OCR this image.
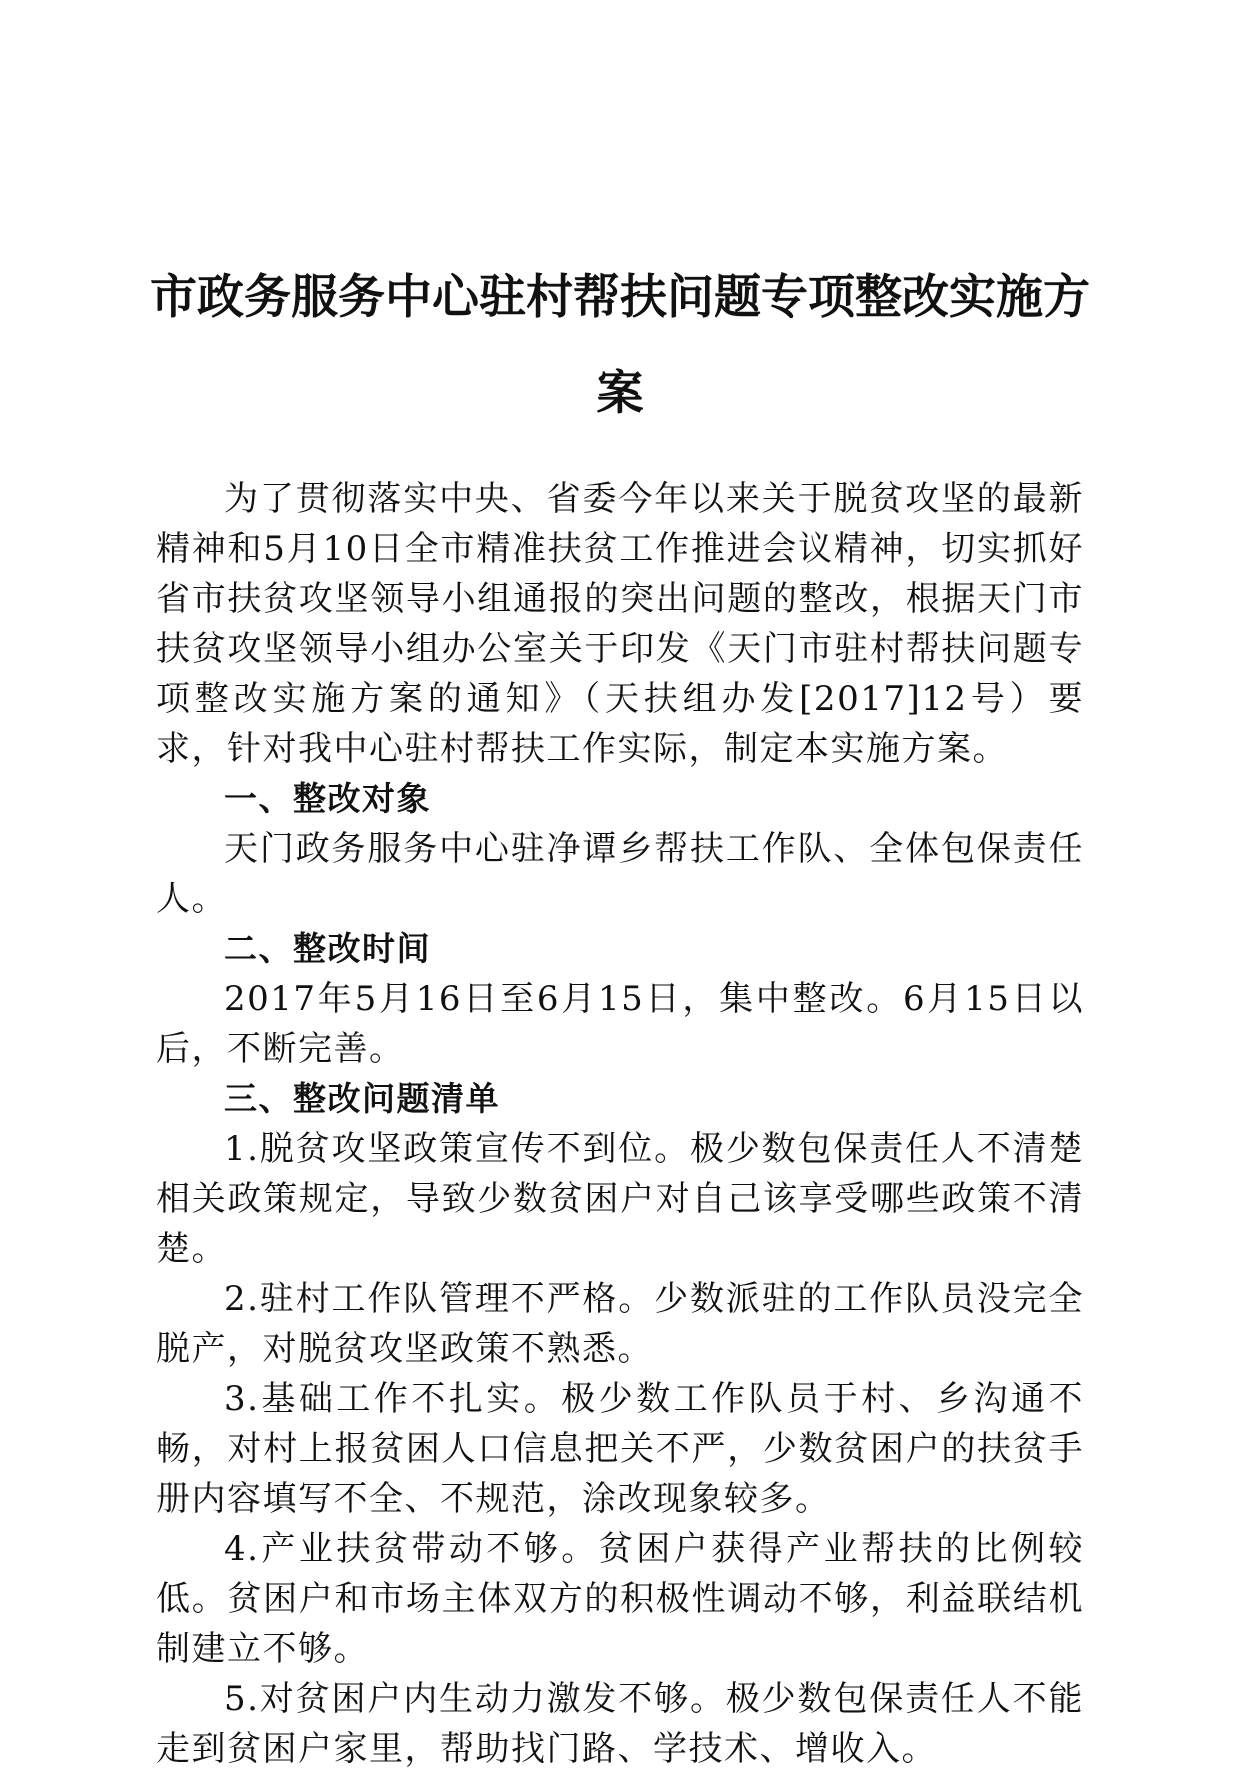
市政务服务中心驻村帮扶问题专项整改实施方案

为了贯彻落实中央、省委今年以来关于脱贫攻坚的最新精神和5月10日全市精准扶贫工作推进会议精神，切实抓好省市扶贫攻坚领导小组通报的突出问题的整改，根据天门市扶贫攻坚领导小组办公室关于印发《天门市驻村帮扶问题专项整改实施方案的通知》（天扶组办发[2017]12号）要求，针对我中心驻村帮扶工作实际，制定本实施方案。

一、整改对象

天门政务服务中心驻净谭乡帮扶工作队、全体包保责任人。

二、整改时间

2017年5月16日至6月15日，集中整改。6月15日以后，不断完善。

三、整改问题清单

1.脱贫攻坚政策宣传不到位。极少数包保责任人不清楚相关政策规定，导致少数贫困户对自己该享受哪些政策不清楚。

2.驻村工作队管理不严格。少数派驻的工作队员没完全脱产，对脱贫攻坚政策不熟悉。

3.基础工作不扎实。极少数工作队员于村、乡沟通不畅，对村上报贫困人口信息把关不严，少数贫困户的扶贫手册内容填写不全、不规范，涂改现象较多。

4.产业扶贫带动不够。贫困户获得产业帮扶的比例较低。贫困户和市场主体双方的积极性调动不够，利益联结机制建立不够。

5.对贫困户内生动力激发不够。极少数包保责任人不能走到贫困户家里，帮助找门路、学技术、增收入。
